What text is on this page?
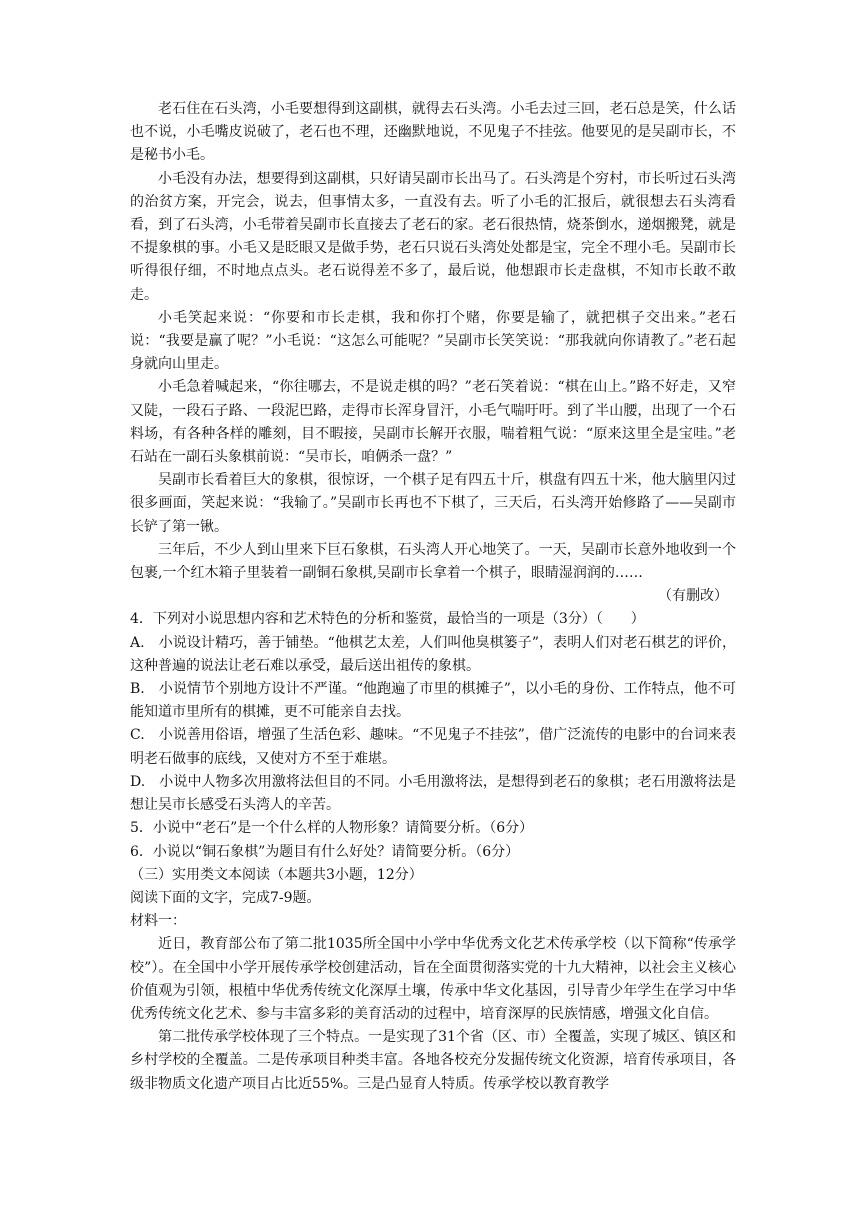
老石住在石头湾，小毛要想得到这副棋，就得去石头湾。小毛去过三回，老石总是笑，什么话也不说，小毛嘴皮说破了，老石也不理，还幽默地说，不见鬼子不挂弦。他要见的是吴副市长，不是秘书小毛。

小毛没有办法，想要得到这副棋，只好请吴副市长出马了。石头湾是个穷村，市长听过石头湾的治贫方案，开完会，说去，但事情太多，一直没有去。听了小毛的汇报后，就很想去石头湾看看，到了石头湾，小毛带着吴副市长直接去了老石的家。老石很热情，烧茶倒水，递烟搬凳，就是不提象棋的事。小毛又是眨眼又是做手势，老石只说石头湾处处都是宝，完全不理小毛。吴副市长听得很仔细，不时地点点头。老石说得差不多了，最后说，他想跟市长走盘棋，不知市长敢不敢走。

小毛笑起来说：“你要和市长走棋，我和你打个赌，你要是输了，就把棋子交出来。”老石说：“我要是赢了呢？”小毛说：“这怎么可能呢？”吴副市长笑笑说：“那我就向你请教了。”老石起身就向山里走。

小毛急着喊起来，“你往哪去，不是说走棋的吗？”老石笑着说：“棋在山上。”路不好走，又窄又陡，一段石子路、一段泥巴路，走得市长浑身冒汗，小毛气喘吁吁。到了半山腰，出现了一个石料场，有各种各样的雕刻，目不暇接，吴副市长解开衣服，喘着粗气说：“原来这里全是宝哇。”老石站在一副石头象棋前说：“吴市长，咱俩杀一盘？”

吴副市长看着巨大的象棋，很惊讶，一个棋子足有四五十斤，棋盘有四五十米，他大脑里闪过很多画面，笑起来说：“我输了。”吴副市长再也不下棋了，三天后，石头湾开始修路了——吴副市长铲了第一锹。

三年后，不少人到山里来下巨石象棋，石头湾人开心地笑了。一天，吴副市长意外地收到一个包裹,一个红木箱子里装着一副铜石象棋,吴副市长拿着一个棋子，眼睛湿润润的……

（有删改）

4．下列对小说思想内容和艺术特色的分析和鉴赏，最恰当的一项是（3分）（　　）

A.　小说设计精巧，善于铺垫。“他棋艺太差，人们叫他臭棋篓子”，表明人们对老石棋艺的评价，这种普遍的说法让老石难以承受，最后送出祖传的象棋。

B.　小说情节个别地方设计不严谨。“他跑遍了市里的棋摊子”，以小毛的身份、工作特点，他不可能知道市里所有的棋摊，更不可能亲自去找。

C.　小说善用俗语，增强了生活色彩、趣味。“不见鬼子不挂弦”，借广泛流传的电影中的台词来表明老石做事的底线，又使对方不至于难堪。

D.　小说中人物多次用激将法但目的不同。小毛用激将法，是想得到老石的象棋；老石用激将法是想让吴市长感受石头湾人的辛苦。

5．小说中“老石”是一个什么样的人物形象？请简要分析。（6分）

6．小说以“铜石象棋”为题目有什么好处？请简要分析。（6分）

（三）实用类文本阅读（本题共3小题，12分）

阅读下面的文字，完成7-9题。

材料一：

近日，教育部公布了第二批1035所全国中小学中华优秀文化艺术传承学校（以下简称“传承学校”）。在全国中小学开展传承学校创建活动，旨在全面贯彻落实党的十九大精神，以社会主义核心价值观为引领，根植中华优秀传统文化深厚土壤，传承中华文化基因，引导青少年学生在学习中华优秀传统文化艺术、参与丰富多彩的美育活动的过程中，培育深厚的民族情感，增强文化自信。

第二批传承学校体现了三个特点。一是实现了31个省（区、市）全覆盖，实现了城区、镇区和乡村学校的全覆盖。二是传承项目种类丰富。各地各校充分发掘传统文化资源，培育传承项目，各级非物质文化遗产项目占比近55%。三是凸显育人特质。传承学校以教育教学
